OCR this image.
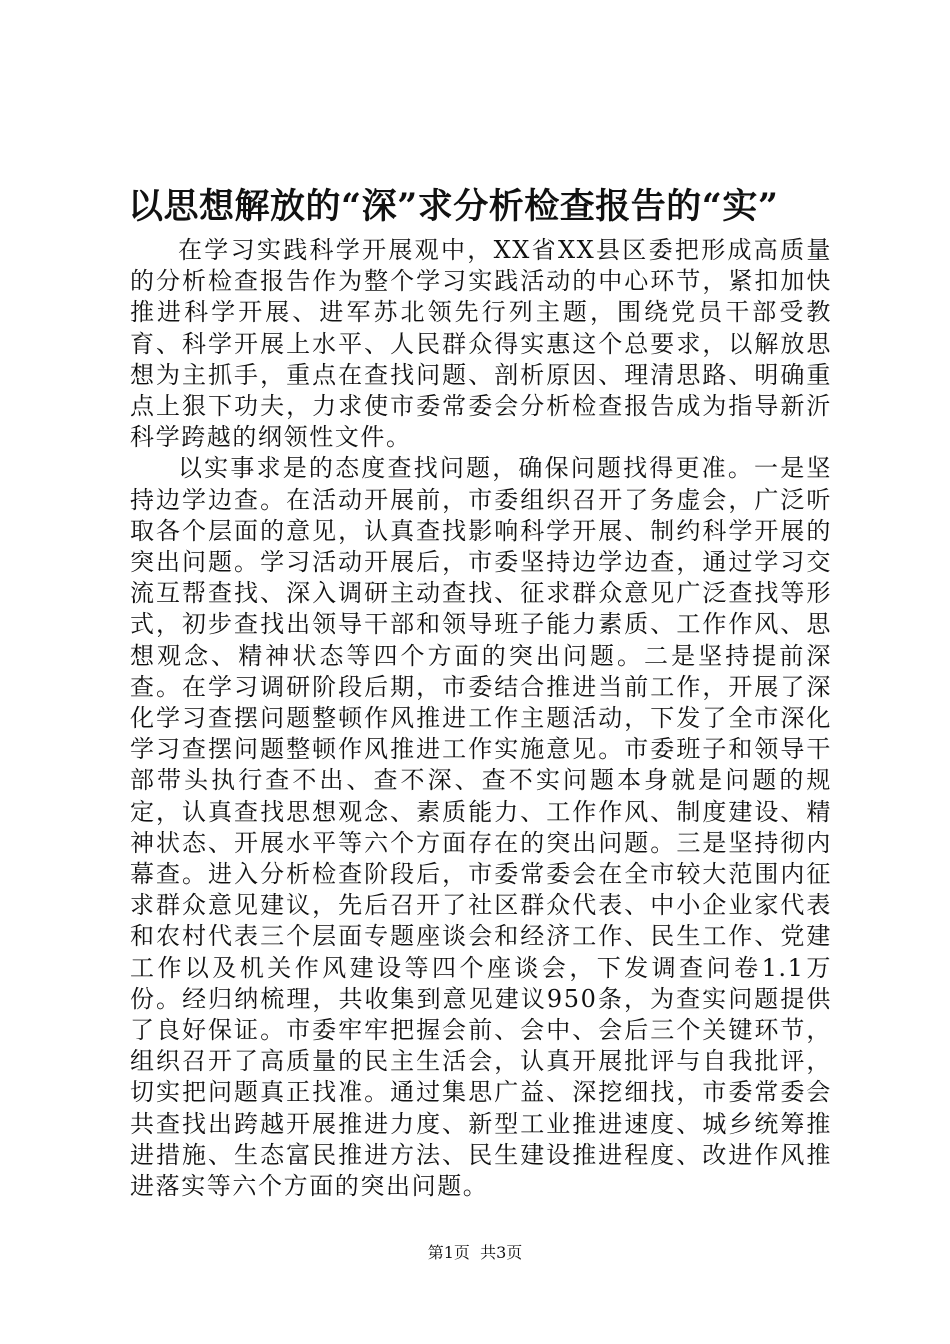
以思想解放的“深”求分析检查报告的“实”

在学习实践科学开展观中，XX省XX县区委把形成高质量的分析检查报告作为整个学习实践活动的中心环节，紧扣加快推进科学开展、进军苏北领先行列主题，围绕党员干部受教育、科学开展上水平、人民群众得实惠这个总要求，以解放思想为主抓手，重点在查找问题、剖析原因、理清思路、明确重点上狠下功夫，力求使市委常委会分析检查报告成为指导新沂科学跨越的纲领性文件。

以实事求是的态度查找问题，确保问题找得更准。一是坚持边学边查。在活动开展前，市委组织召开了务虚会，广泛听取各个层面的意见，认真查找影响科学开展、制约科学开展的突出问题。学习活动开展后，市委坚持边学边查，通过学习交流互帮查找、深入调研主动查找、征求群众意见广泛查找等形式，初步查找出领导干部和领导班子能力素质、工作作风、思想观念、精神状态等四个方面的突出问题。二是坚持提前深查。在学习调研阶段后期，市委结合推进当前工作，开展了深化学习查摆问题整顿作风推进工作主题活动，下发了全市深化学习查摆问题整顿作风推进工作实施意见。市委班子和领导干部带头执行查不出、查不深、查不实问题本身就是问题的规定，认真查找思想观念、素质能力、工作作风、制度建设、精神状态、开展水平等六个方面存在的突出问题。三是坚持彻内幕查。进入分析检查阶段后，市委常委会在全市较大范围内征求群众意见建议，先后召开了社区群众代表、中小企业家代表和农村代表三个层面专题座谈会和经济工作、民生工作、党建工作以及机关作风建设等四个座谈会，下发调查问卷1.1万份。经归纳梳理，共收集到意见建议950条，为查实问题提供了良好保证。市委牢牢把握会前、会中、会后三个关键环节，组织召开了高质量的民主生活会，认真开展批评与自我批评，切实把问题真正找准。通过集思广益、深挖细找，市委常委会共查找出跨越开展推进力度、新型工业推进速度、城乡统筹推进措施、生态富民推进方法、民生建设推进程度、改进作风推进落实等六个方面的突出问题。

第1页  共3页
